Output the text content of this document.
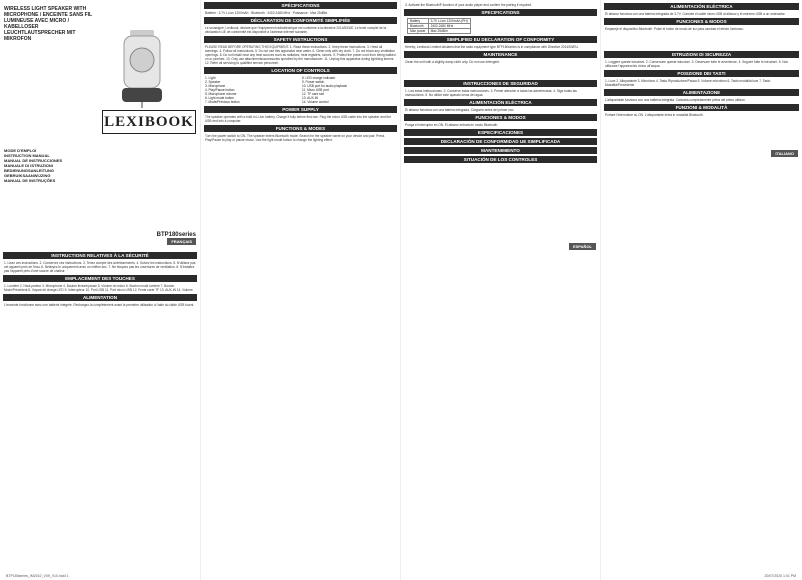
WIRELESS LIGHT SPEAKER WITH MICROPHONE / ENCEINTE SANS FIL LUMINEUSE AVEC MICRO / KABELLOSER LEUCHTLAUTSPRECHER MIT MIKROFON
LEXIBOOK
MODE D'EMPLOI
INSTRUCTION MANUAL
MANUAL DE INSTRUCCIONES
MANUALE DI ISTRUZIONI
BEDIENUNGSANLEITUNG
GEBRUIKSAANWIJZING
MANUAL DE INSTRUÇÕES
BTP180series
INSTRUCTIONS RELATIVES À LA SÉCURITÉ
1. Lisez ces instructions. 2. Conservez ces instructions. 3. Tenez compte des avertissements. 4. Suivez les instructions. 5. N'utilisez pas cet appareil près de l'eau. 6. Nettoyez-le uniquement avec un chiffon sec. 7. Ne bloquez pas les ouvertures de ventilation. 8. N'installez pas l'appareil près d'une source de chaleur.
EMPLACEMENT DES TOUCHES
1. Lumière 2. Haut-parleur 3. Microphone 4. Bouton lecture/pause 5. Volume du micro 6. Bouton mode lumière 7. Bouton Mode/Précédent 8. Voyant de charge LED 9. Interrupteur 10. Port USB 11. Port micro USB 12. Fente carte TF 13. AUX-IN 14. Volume
ALIMENTATION
L'enceinte fonctionne avec une batterie intégrée. Rechargez-la complètement avant la première utilisation à l'aide du câble USB fourni.
FRANÇAIS
BTP180series_IM2010_V09_V10.indd 1
SPÉCIFICATIONS
Batterie : 3.7V Li-ion 1200mAh · Bluetooth : 2402-2480 MHz · Puissance : Max 25dBm
DÉCLARATION DE CONFORMITÉ SIMPLIFIÉE
Le soussigné, Lexibook, déclare que l'équipement radioélectrique est conforme à la directive 2014/53/UE. Le texte complet de la déclaration UE de conformité est disponible à l'adresse internet suivante.
SAFETY INSTRUCTIONS
PLEASE READ BEFORE OPERATING THIS EQUIPMENT. 1. Read these instructions. 2. Keep these instructions. 3. Heed all warnings. 4. Follow all instructions. 5. Do not use this apparatus near water. 6. Clean only with dry cloth. 7. Do not block any ventilation openings. 8. Do not install near any heat sources such as radiators, heat registers, stoves. 9. Protect the power cord from being walked on or pinched. 10. Only use attachments/accessories specified by the manufacturer. 11. Unplug this apparatus during lightning storms. 12. Refer all servicing to qualified service personnel.
LOCATION OF CONTROLS
1. Light
2. Speaker
3. Microphone
4. Play/Pause button
5. Microphone volume
6. Light mode button
7. Mode/Previous button
8. LED charge indicator
9. Power switch
10. USB port for audio playback
11. Micro USB port
12. TF card slot
13. AUX-IN
14. Volume control
POWER SUPPLY
The speaker operates with a built-in Li-ion battery. Charge it fully before first use. Plug the micro USB cable into the speaker and the USB end into a computer.
FUNCTIONS & MODES
Turn the power switch to ON. The speaker enters Bluetooth mode. Search for the speaker name on your device and pair. Press Play/Pause to play or pause music. Use the light mode button to change the lighting effect.
3. Activate the Bluetooth® function of your audio player and confirm the pairing if required.
SPECIFICATIONS
Battery	3.7V Li-ion 1200mAh (PH)
Bluetooth	2402-2480 MHz
Max power	Max 25dBm
SIMPLIFIED EU DECLARATION OF CONFORMITY
Hereby, Lexibook Limited declares that the radio equipment type BTP180series is in compliance with Directive 2014/53/EU.
MAINTENANCE
Clean the unit with a slightly damp cloth only. Do not use detergent.
ESPAÑOL
INSTRUCCIONES DE SEGURIDAD
1. Lea estas instrucciones. 2. Conserve estas instrucciones. 3. Preste atención a todas las advertencias. 4. Siga todas las instrucciones. 5. No utilice este aparato cerca del agua.
ALIMENTACIÓN ELÉCTRICA
El altavoz funciona con una batería integrada. Cárguela antes del primer uso.
FUNCIONES & MODOS
Ponga el interruptor en ON. El altavoz entrará en modo Bluetooth.
ESPECIFICACIONES
DECLARACIÓN DE CONFORMIDAD UE SIMPLIFICADA
MANTENIMIENTO
SITUACIÓN DE LOS CONTROLES
ALIMENTACIÓN ELÉCTRICA
El altavoz funciona con una batería integrada de 3.7V. Conecte el cable micro USB al altavoz y el extremo USB a un ordenador.
FUNCIONES & MODOS
Empareje el dispositivo Bluetooth. Pulse el botón de modo de luz para cambiar el efecto luminoso.
ITALIANO
ISTRUZIONI DI SICUREZZA
1. Leggere queste istruzioni. 2. Conservare queste istruzioni. 3. Osservare tutte le avvertenze. 4. Seguire tutte le istruzioni. 5. Non utilizzare l'apparecchio vicino all'acqua.
POSIZIONE DEI TASTI
1. Luce 2. Altoparlante 3. Microfono 4. Tasto Riproduzione/Pausa 5. Volume microfono 6. Tasto modalità luce 7. Tasto Modalità/Precedente
ALIMENTAZIONE
L'altoparlante funziona con una batteria integrata. Caricarla completamente prima del primo utilizzo.
FUNZIONI & MODALITÀ
Portare l'interruttore su ON. L'altoparlante entra in modalità Bluetooth.
20/07/2020 1:01 PM
